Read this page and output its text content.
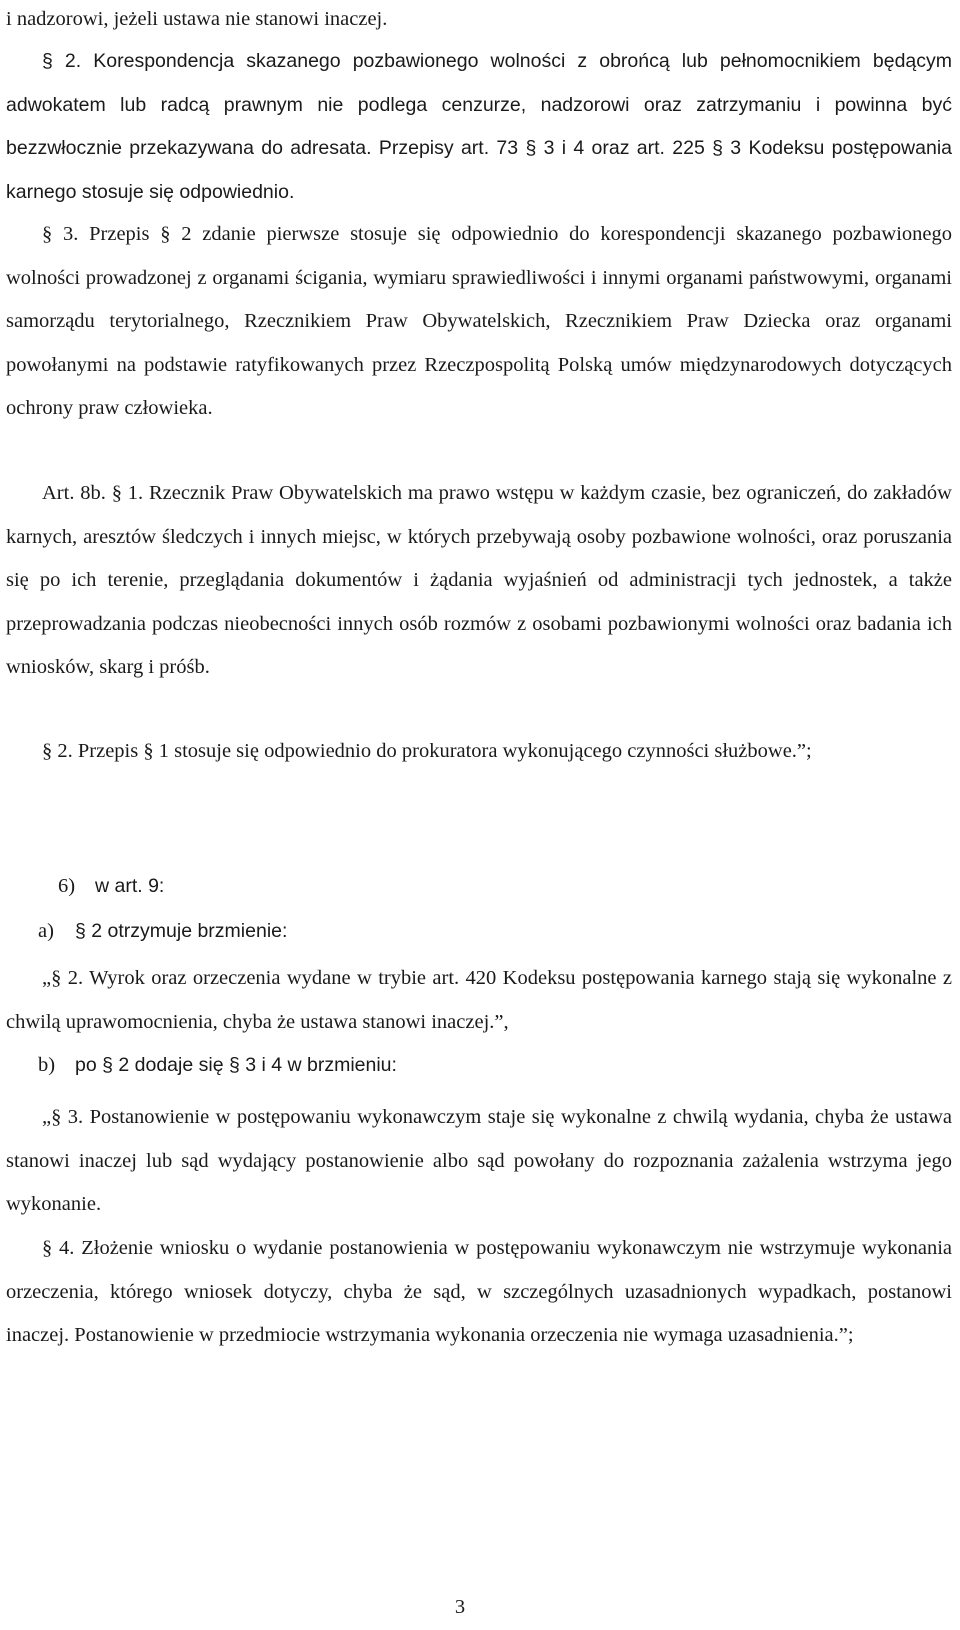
i nadzorowi, jeżeli ustawa nie stanowi inaczej.

§ 2. Korespondencja skazanego pozbawionego wolności z obrońcą lub pełnomocnikiem będącym adwokatem lub radcą prawnym nie podlega cenzurze, nadzorowi oraz zatrzymaniu i powinna być bezzwłocznie przekazywana do adresata. Przepisy art. 73 § 3 i 4 oraz art. 225 § 3 Kodeksu postępowania karnego stosuje się odpowiednio.

§ 3. Przepis § 2 zdanie pierwsze stosuje się odpowiednio do korespondencji skazanego pozbawionego wolności prowadzonej z organami ścigania, wymiaru sprawiedliwości i innymi organami państwowymi, organami samorządu terytorialnego, Rzecznikiem Praw Obywatelskich, Rzecznikiem Praw Dziecka oraz organami powołanymi na podstawie ratyfikowanych przez Rzeczpospolitą Polską umów międzynarodowych dotyczących ochrony praw człowieka.

Art. 8b. § 1. Rzecznik Praw Obywatelskich ma prawo wstępu w każdym czasie, bez ograniczeń, do zakładów karnych, aresztów śledczych i innych miejsc, w których przebywają osoby pozbawione wolności, oraz poruszania się po ich terenie, przeglądania dokumentów i żądania wyjaśnień od administracji tych jednostek, a także przeprowadzania podczas nieobecności innych osób rozmów z osobami pozbawionymi wolności oraz badania ich wniosków, skarg i próśb.

§ 2. Przepis § 1 stosuje się odpowiednio do prokuratora wykonującego czynności służbowe.”;

6) w art. 9:

a) § 2 otrzymuje brzmienie:

„§ 2. Wyrok oraz orzeczenia wydane w trybie art. 420 Kodeksu postępowania karnego stają się wykonalne z chwilą uprawomocnienia, chyba że ustawa stanowi inaczej.”,

b) po § 2 dodaje się § 3 i 4 w brzmieniu:

„§ 3. Postanowienie w postępowaniu wykonawczym staje się wykonalne z chwilą wydania, chyba że ustawa stanowi inaczej lub sąd wydający postanowienie albo sąd powołany do rozpoznania zażalenia wstrzyma jego wykonanie.

§ 4. Złożenie wniosku o wydanie postanowienia w postępowaniu wykonawczym nie wstrzymuje wykonania orzeczenia, którego wniosek dotyczy, chyba że sąd, w szczególnych uzasadnionych wypadkach, postanowi inaczej. Postanowienie w przedmiocie wstrzymania wykonania orzeczenia nie wymaga uzasadnienia.”;

3
